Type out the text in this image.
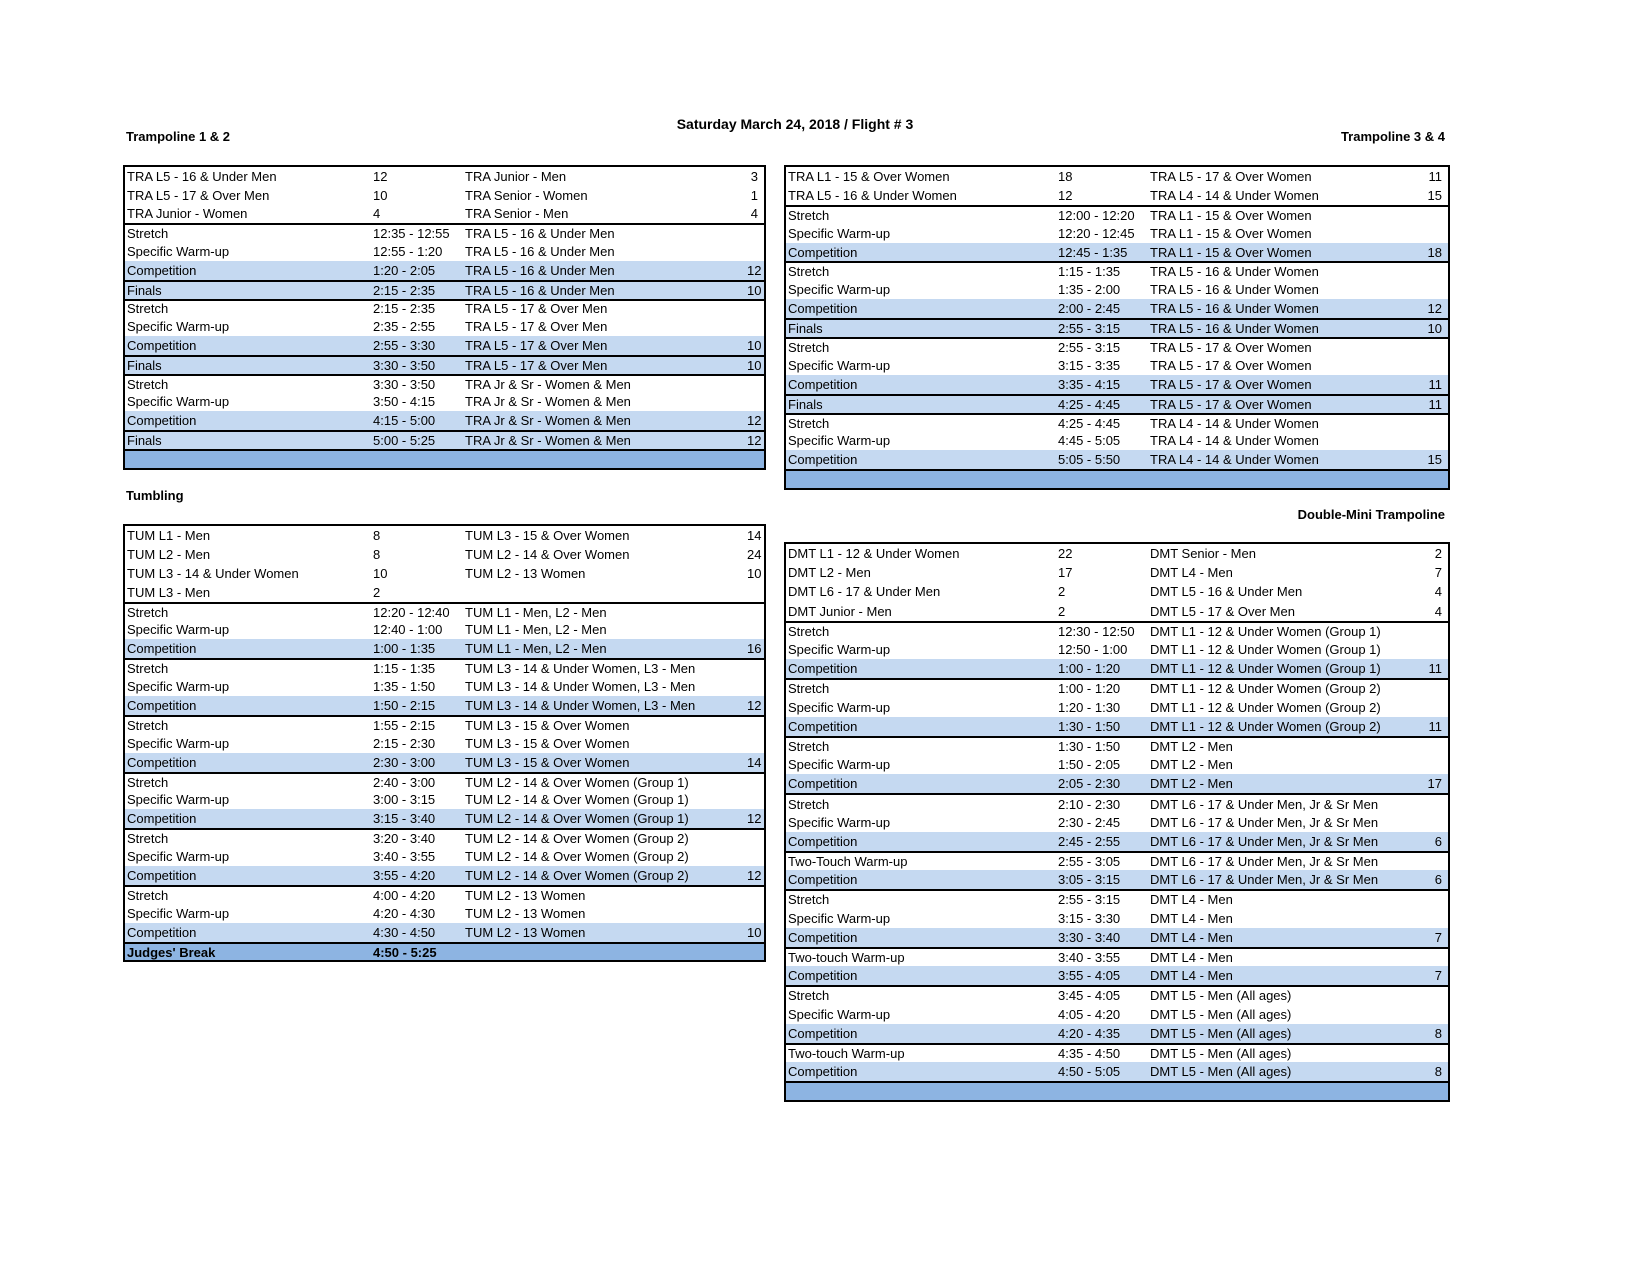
Saturday March 24, 2018 / Flight # 3
Trampoline 1 & 2	Trampoline 3 & 4
Tumbling
Double-Mini Trampoline
TRA L5 - 16 & Under Men	12	TRA Junior - Men	3
TRA L5 - 17 & Over Men	10	TRA Senior - Women	1
TRA Junior - Women	4	TRA Senior - Men	4
Stretch	12:35 - 12:55	TRA L5 - 16 & Under Men
Specific Warm-up	12:55 - 1:20	TRA L5 - 16 & Under Men
Competition	1:20 - 2:05	TRA L5 - 16 & Under Men	12
Finals	2:15 - 2:35	TRA L5 - 16 & Under Men	10
Stretch	2:15 - 2:35	TRA L5 - 17 & Over Men
Specific Warm-up	2:35 - 2:55	TRA L5 - 17 & Over Men
Competition	2:55 - 3:30	TRA L5 - 17 & Over Men	10
Finals	3:30 - 3:50	TRA L5 - 17 & Over Men	10
Stretch	3:30 - 3:50	TRA Jr & Sr - Women & Men
Specific Warm-up	3:50 - 4:15	TRA Jr & Sr - Women & Men
Competition	4:15 - 5:00	TRA Jr & Sr - Women & Men	12
Finals	5:00 - 5:25	TRA Jr & Sr - Women & Men	12
TRA L1 - 15 & Over Women	18	TRA L5 - 17 & Over Women	11
TRA L5 - 16 & Under Women	12	TRA L4 - 14 & Under Women	15
Stretch	12:00 - 12:20	TRA L1 - 15 & Over Women
Specific Warm-up	12:20 - 12:45	TRA L1 - 15 & Over Women
Competition	12:45 - 1:35	TRA L1 - 15 & Over Women	18
Stretch	1:15 - 1:35	TRA L5 - 16 & Under Women
Specific Warm-up	1:35 - 2:00	TRA L5 - 16 & Under Women
Competition	2:00 - 2:45	TRA L5 - 16 & Under Women	12
Finals	2:55 - 3:15	TRA L5 - 16 & Under Women	10
Stretch	2:55 - 3:15	TRA L5 - 17 & Over Women
Specific Warm-up	3:15 - 3:35	TRA L5 - 17 & Over Women
Competition	3:35 - 4:15	TRA L5 - 17 & Over Women	11
Finals	4:25 - 4:45	TRA L5 - 17 & Over Women	11
Stretch	4:25 - 4:45	TRA L4 - 14 & Under Women
Specific Warm-up	4:45 - 5:05	TRA L4 - 14 & Under Women
Competition	5:05 - 5:50	TRA L4 - 14 & Under Women	15
TUM L1 - Men	8	TUM L3 - 15 & Over Women	14
TUM L2 - Men	8	TUM L2 - 14 & Over Women	24
TUM L3 - 14 & Under Women	10	TUM L2 - 13 Women	10
TUM L3 - Men	2
Stretch	12:20 - 12:40	TUM L1 - Men, L2 - Men
Specific Warm-up	12:40 - 1:00	TUM L1 - Men, L2 - Men
Competition	1:00 - 1:35	TUM L1 - Men, L2 - Men	16
Stretch	1:15 - 1:35	TUM L3 - 14 & Under Women, L3 - Men
Specific Warm-up	1:35 - 1:50	TUM L3 - 14 & Under Women, L3 - Men
Competition	1:50 - 2:15	TUM L3 - 14 & Under Women, L3 - Men	12
Stretch	1:55 - 2:15	TUM L3 - 15 & Over Women
Specific Warm-up	2:15 - 2:30	TUM L3 - 15 & Over Women
Competition	2:30 - 3:00	TUM L3 - 15 & Over Women	14
Stretch	2:40 - 3:00	TUM L2 - 14 & Over Women (Group 1)
Specific Warm-up	3:00 - 3:15	TUM L2 - 14 & Over Women (Group 1)
Competition	3:15 - 3:40	TUM L2 - 14 & Over Women (Group 1)	12
Stretch	3:20 - 3:40	TUM L2 - 14 & Over Women (Group 2)
Specific Warm-up	3:40 - 3:55	TUM L2 - 14 & Over Women (Group 2)
Competition	3:55 - 4:20	TUM L2 - 14 & Over Women (Group 2)	12
Stretch	4:00 - 4:20	TUM L2 - 13 Women
Specific Warm-up	4:20 - 4:30	TUM L2 - 13 Women
Competition	4:30 - 4:50	TUM L2 - 13 Women	10
Judges' Break	4:50 - 5:25
DMT L1 - 12 & Under Women	22	DMT Senior - Men	2
DMT L2 - Men	17	DMT L4 - Men	7
DMT L6 - 17 & Under Men	2	DMT L5 - 16 & Under Men	4
DMT Junior - Men	2	DMT L5 - 17 & Over Men	4
Stretch	12:30 - 12:50	DMT L1 - 12 & Under Women (Group 1)
Specific Warm-up	12:50 - 1:00	DMT L1 - 12 & Under Women (Group 1)
Competition	1:00 - 1:20	DMT L1 - 12 & Under Women (Group 1)	11
Stretch	1:00 - 1:20	DMT L1 - 12 & Under Women (Group 2)
Specific Warm-up	1:20 - 1:30	DMT L1 - 12 & Under Women (Group 2)
Competition	1:30 - 1:50	DMT L1 - 12 & Under Women (Group 2)	11
Stretch	1:30 - 1:50	DMT L2 - Men
Specific Warm-up	1:50 - 2:05	DMT L2 - Men
Competition	2:05 - 2:30	DMT L2 - Men	17
Stretch	2:10 - 2:30	DMT L6 - 17 & Under Men, Jr & Sr Men
Specific Warm-up	2:30 - 2:45	DMT L6 - 17 & Under Men, Jr & Sr Men
Competition	2:45 - 2:55	DMT L6 - 17 & Under Men, Jr & Sr Men	6
Two-Touch Warm-up	2:55 - 3:05	DMT L6 - 17 & Under Men, Jr & Sr Men
Competition	3:05 - 3:15	DMT L6 - 17 & Under Men, Jr & Sr Men	6
Stretch	2:55 - 3:15	DMT L4 - Men
Specific Warm-up	3:15 - 3:30	DMT L4 - Men
Competition	3:30 - 3:40	DMT L4 - Men	7
Two-touch Warm-up	3:40 - 3:55	DMT L4 - Men
Competition	3:55 - 4:05	DMT L4 - Men	7
Stretch	3:45 - 4:05	DMT L5 - Men (All ages)
Specific Warm-up	4:05 - 4:20	DMT L5 - Men (All ages)
Competition	4:20 - 4:35	DMT L5 - Men (All ages)	8
Two-touch Warm-up	4:35 - 4:50	DMT L5 - Men (All ages)
Competition	4:50 - 5:05	DMT L5 - Men (All ages)	8
